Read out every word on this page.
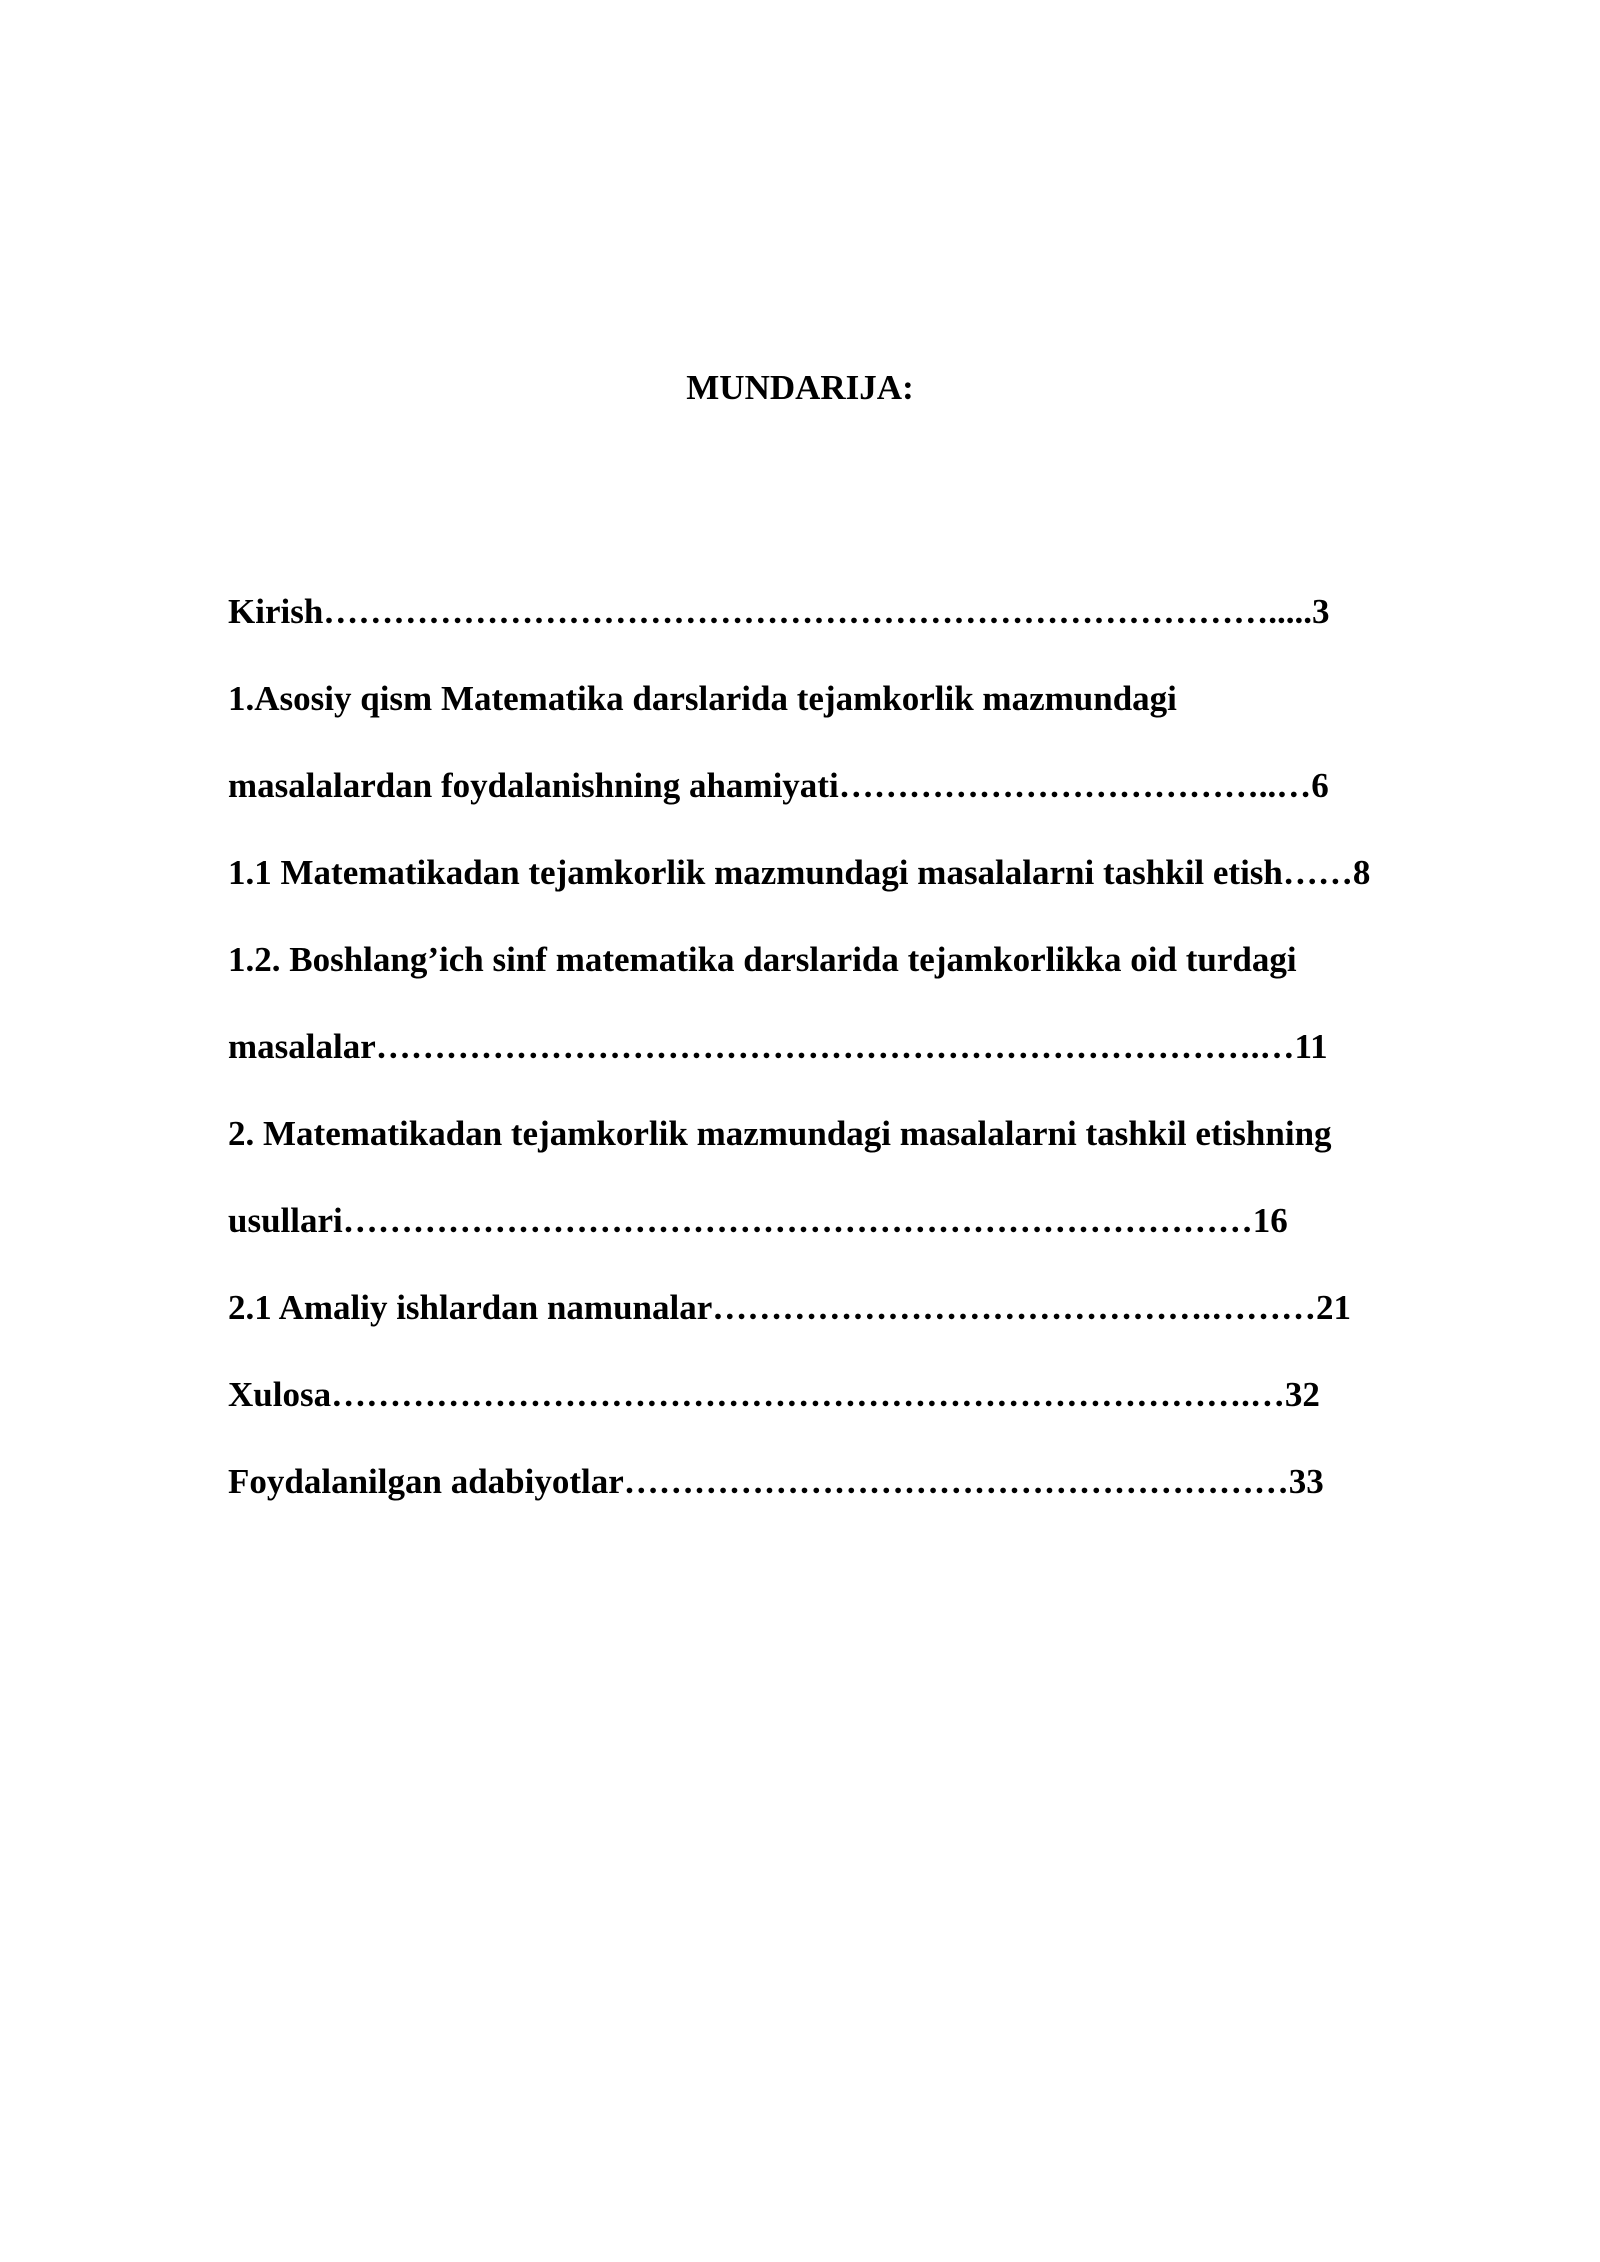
MUNDARIJA:
Kirish……………………………………………………………………….....3
1.Asosiy qism Matematika darslarida tejamkorlik mazmundagi
masalalardan foydalanishning ahamiyati………………………………..…6
1.1 Matematikadan tejamkorlik mazmundagi masalalarni tashkil etish……8
1.2. Boshlang’ich sinf matematika darslarida tejamkorlikka oid turdagi
masalalar………………………………………………………………….…11
2. Matematikadan tejamkorlik mazmundagi masalalarni tashkil etishning
usullari……………………………………………………………………16
2.1 Amaliy ishlardan namunalar…………………………………….………21
Xulosa…………………………………………………………………….…32
Foydalanilgan adabiyotlar…………………………………………………33
